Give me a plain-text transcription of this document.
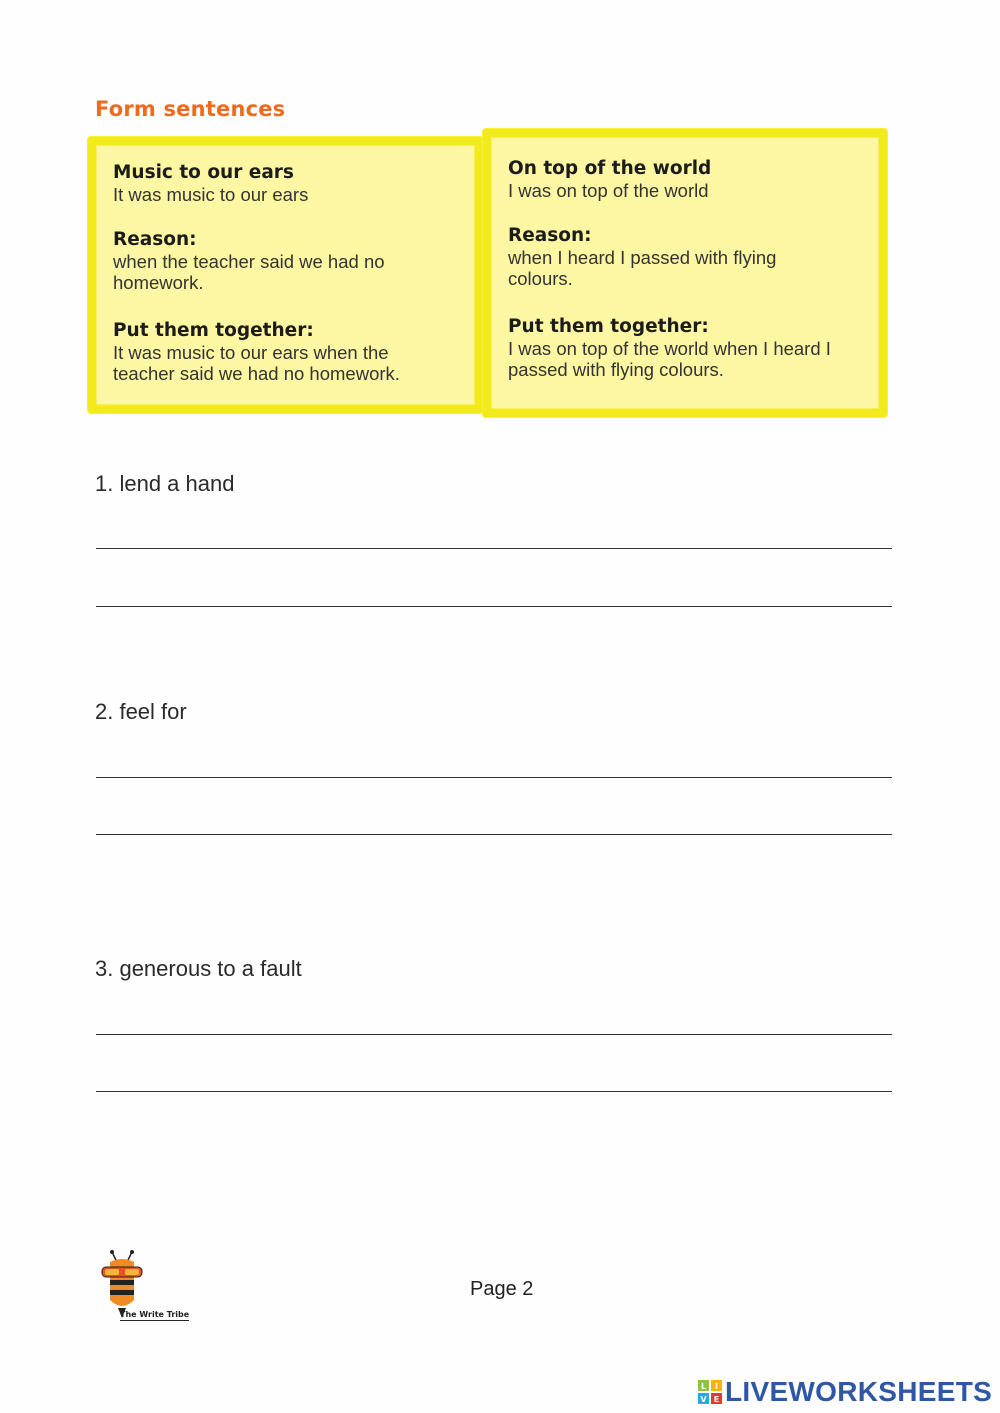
Form sentences

Music to our ears

It was music to our ears

Reason:

when the teacher said we had no homework.

Put them together:

It was music to our ears when the teacher said we had no homework.

On top of the world

I was on top of the world

Reason:

when I heard I passed with flying colours.

Put them together:

I was on top of the world when I heard I passed with flying colours.

1. lend a hand
2. feel for
3. generous to a fault
The Write Tribe
Page 2
L I
V E LIVEWORKSHEETS
